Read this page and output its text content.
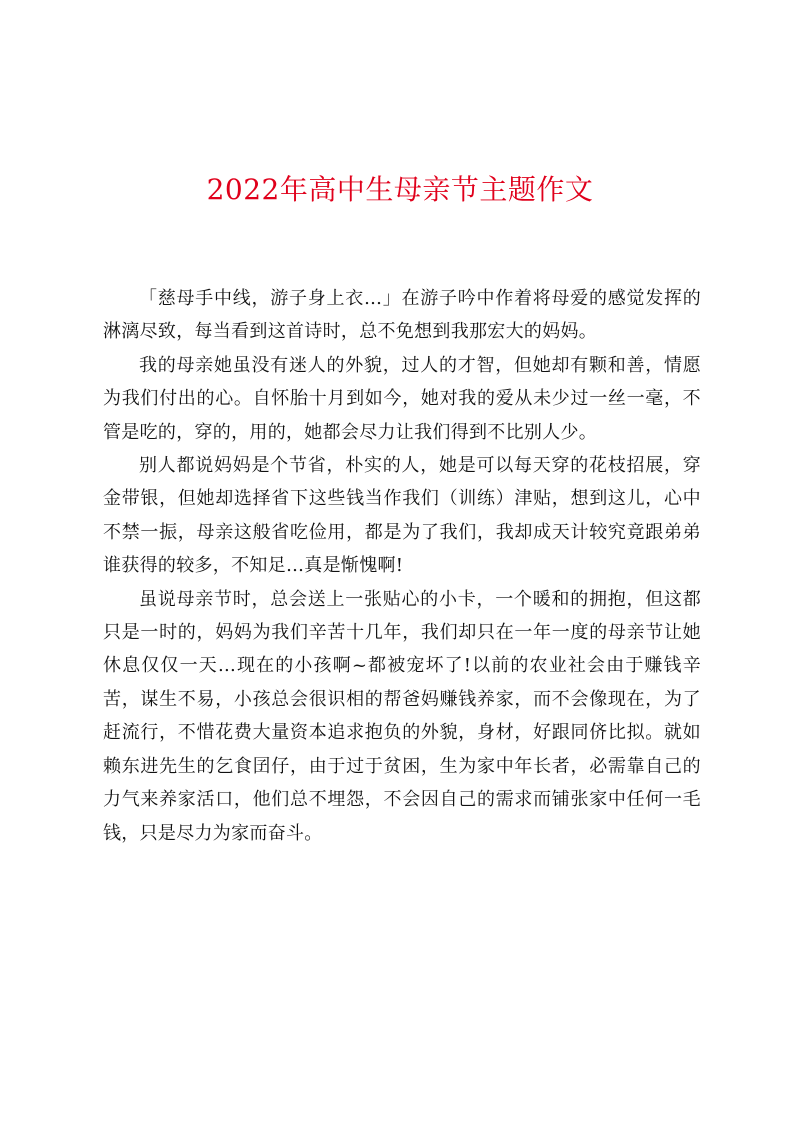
2022年高中生母亲节主题作文

「慈母手中线，游子身上衣…」在游子吟中作着将母爱的感觉发挥的淋漓尽致，每当看到这首诗时，总不免想到我那宏大的妈妈。

我的母亲她虽没有迷人的外貌，过人的才智，但她却有颗和善，情愿为我们付出的心。自怀胎十月到如今，她对我的爱从未少过一丝一毫，不管是吃的，穿的，用的，她都会尽力让我们得到不比别人少。

别人都说妈妈是个节省，朴实的人，她是可以每天穿的花枝招展，穿金带银，但她却选择省下这些钱当作我们（训练）津贴，想到这儿，心中不禁一振，母亲这般省吃俭用，都是为了我们，我却成天计较究竟跟弟弟谁获得的较多，不知足…真是惭愧啊!

虽说母亲节时，总会送上一张贴心的小卡，一个暖和的拥抱，但这都只是一时的，妈妈为我们辛苦十几年，我们却只在一年一度的母亲节让她休息仅仅一天…现在的小孩啊~都被宠坏了!以前的农业社会由于赚钱辛苦，谋生不易，小孩总会很识相的帮爸妈赚钱养家，而不会像现在，为了赶流行，不惜花费大量资本追求抱负的外貌，身材，好跟同侪比拟。就如赖东进先生的乞食囝仔，由于过于贫困，生为家中年长者，必需靠自己的力气来养家活口，他们总不埋怨，不会因自己的需求而铺张家中任何一毛钱，只是尽力为家而奋斗。
